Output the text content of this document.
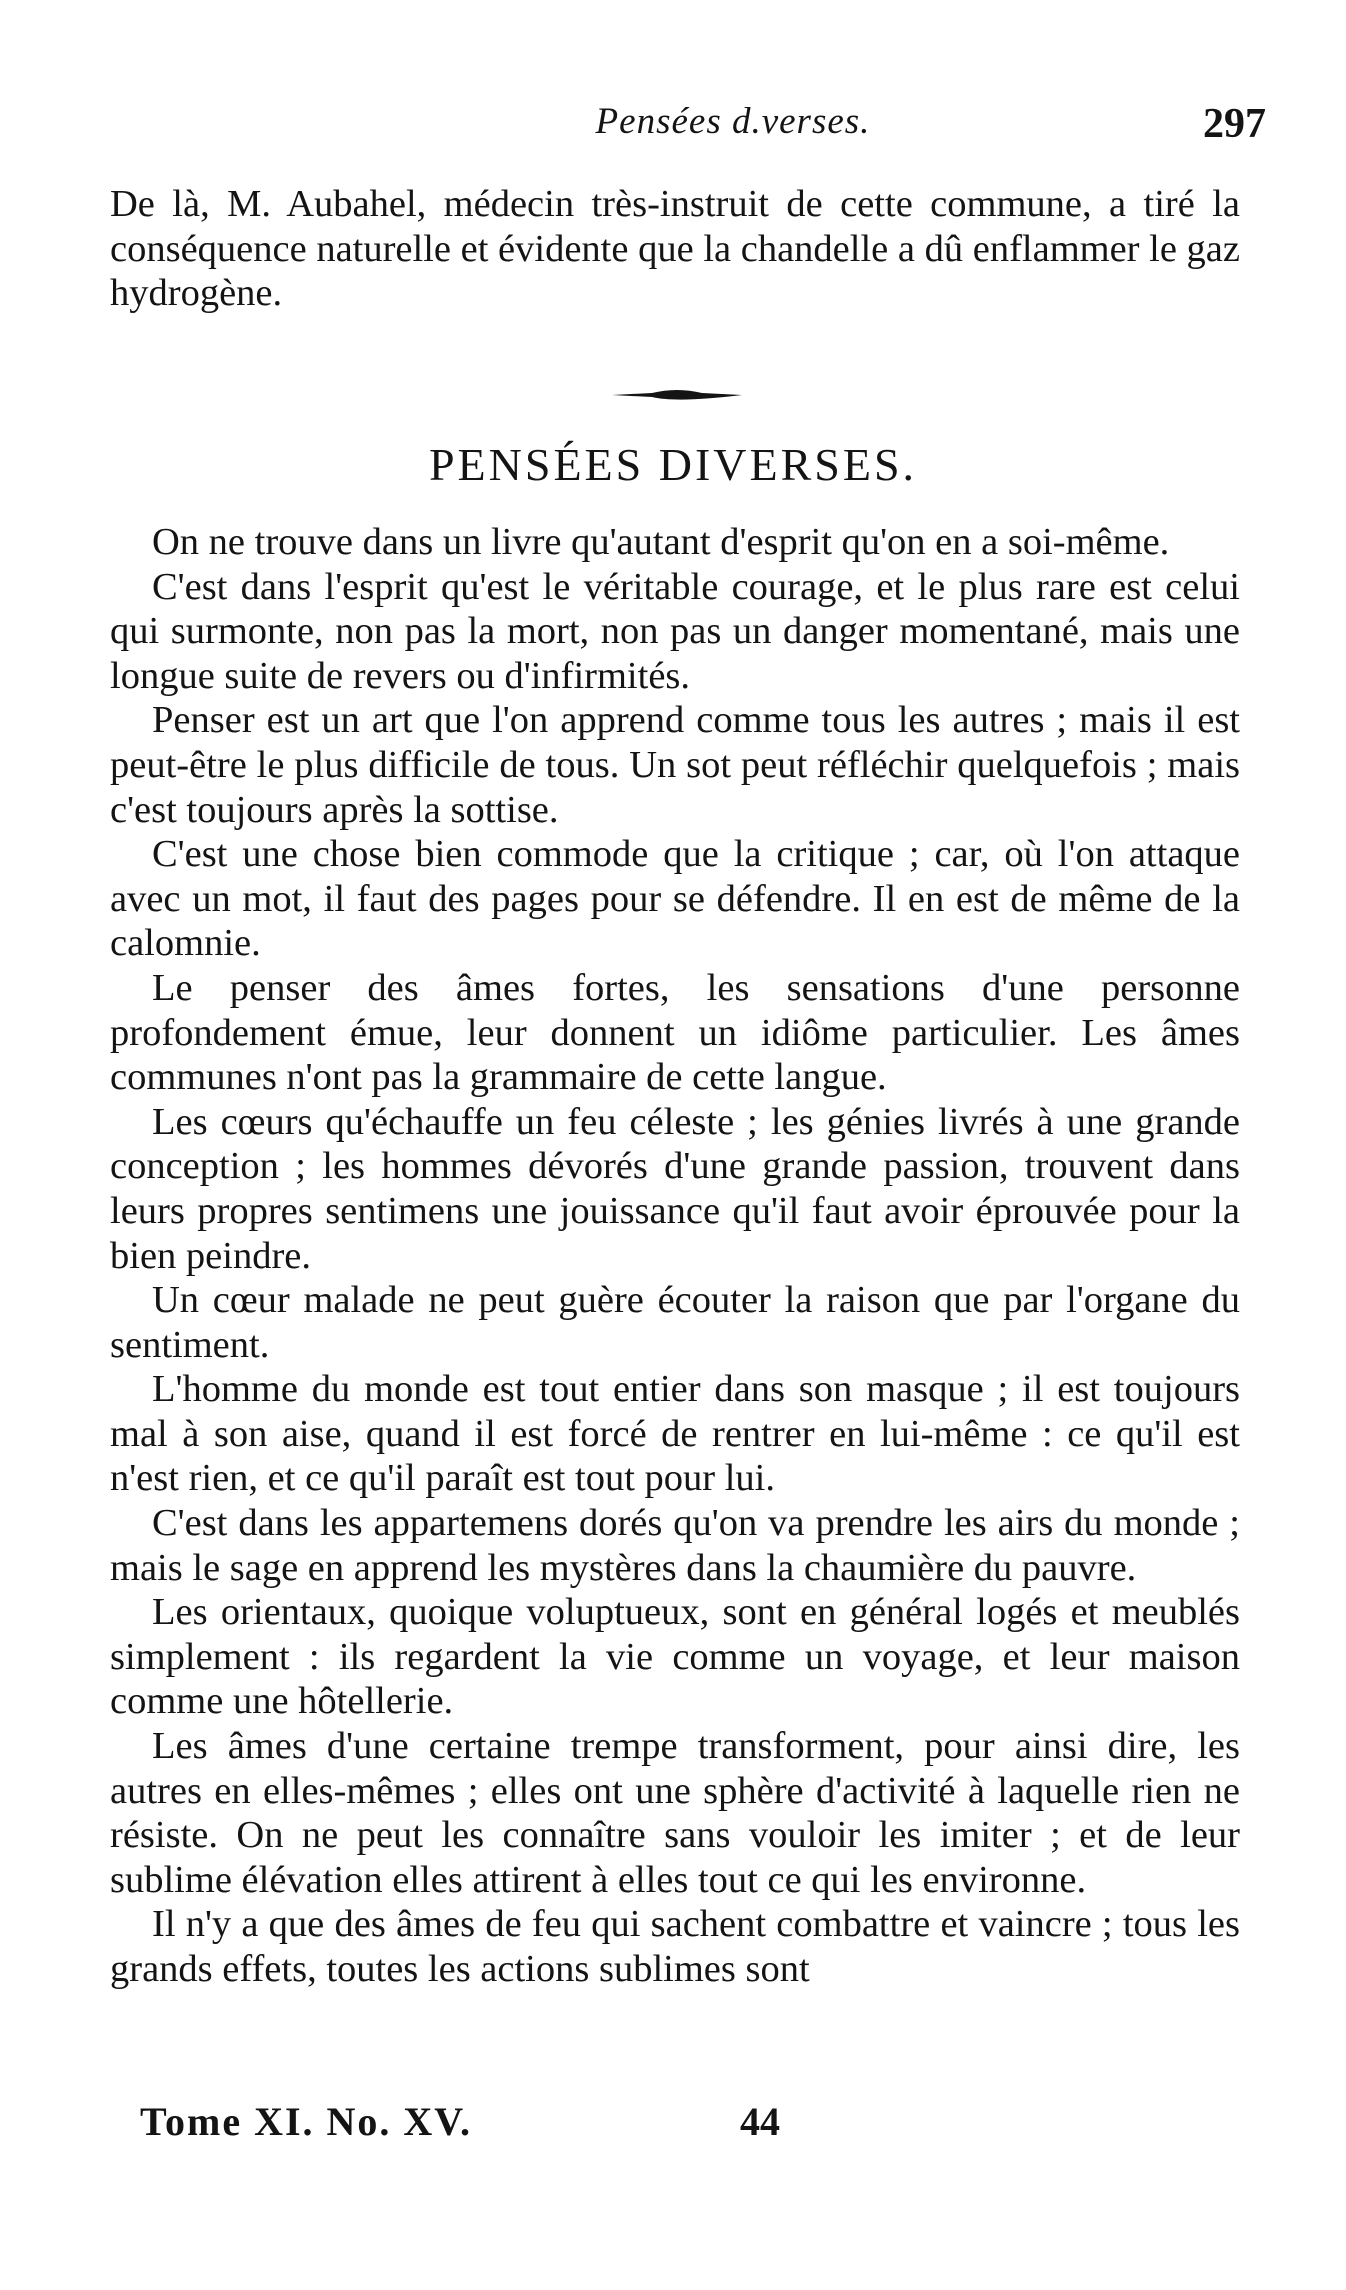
Pensées d.verses.	297

De là, M. Aubahel, médecin très-instruit de cette commune, a tiré la conséquence naturelle et évidente que la chandelle a dû enflammer le gaz hydrogène.

PENSÉES DIVERSES.

On ne trouve dans un livre qu'autant d'esprit qu'on en a soi-même.

C'est dans l'esprit qu'est le véritable courage, et le plus rare est celui qui surmonte, non pas la mort, non pas un danger momentané, mais une longue suite de revers ou d'infirmités.

Penser est un art que l'on apprend comme tous les autres ; mais il est peut-être le plus difficile de tous. Un sot peut réfléchir quelquefois ; mais c'est toujours après la sottise.

C'est une chose bien commode que la critique ; car, où l'on attaque avec un mot, il faut des pages pour se défendre. Il en est de même de la calomnie.

Le penser des âmes fortes, les sensations d'une personne profondement émue, leur donnent un idiôme particulier. Les âmes communes n'ont pas la grammaire de cette langue.

Les cœurs qu'échauffe un feu céleste ; les génies livrés à une grande conception ; les hommes dévorés d'une grande passion, trouvent dans leurs propres sentimens une jouissance qu'il faut avoir éprouvée pour la bien peindre.

Un cœur malade ne peut guère écouter la raison que par l'organe du sentiment.

L'homme du monde est tout entier dans son masque ; il est toujours mal à son aise, quand il est forcé de rentrer en lui-même : ce qu'il est n'est rien, et ce qu'il paraît est tout pour lui.

C'est dans les appartemens dorés qu'on va prendre les airs du monde ; mais le sage en apprend les mystères dans la chaumière du pauvre.

Les orientaux, quoique voluptueux, sont en général logés et meublés simplement : ils regardent la vie comme un voyage, et leur maison comme une hôtellerie.

Les âmes d'une certaine trempe transforment, pour ainsi dire, les autres en elles-mêmes ; elles ont une sphère d'activité à laquelle rien ne résiste. On ne peut les connaître sans vouloir les imiter ; et de leur sublime élévation elles attirent à elles tout ce qui les environne.

Il n'y a que des âmes de feu qui sachent combattre et vaincre ; tous les grands effets, toutes les actions sublimes sont

Tome XI. No. XV.	44
